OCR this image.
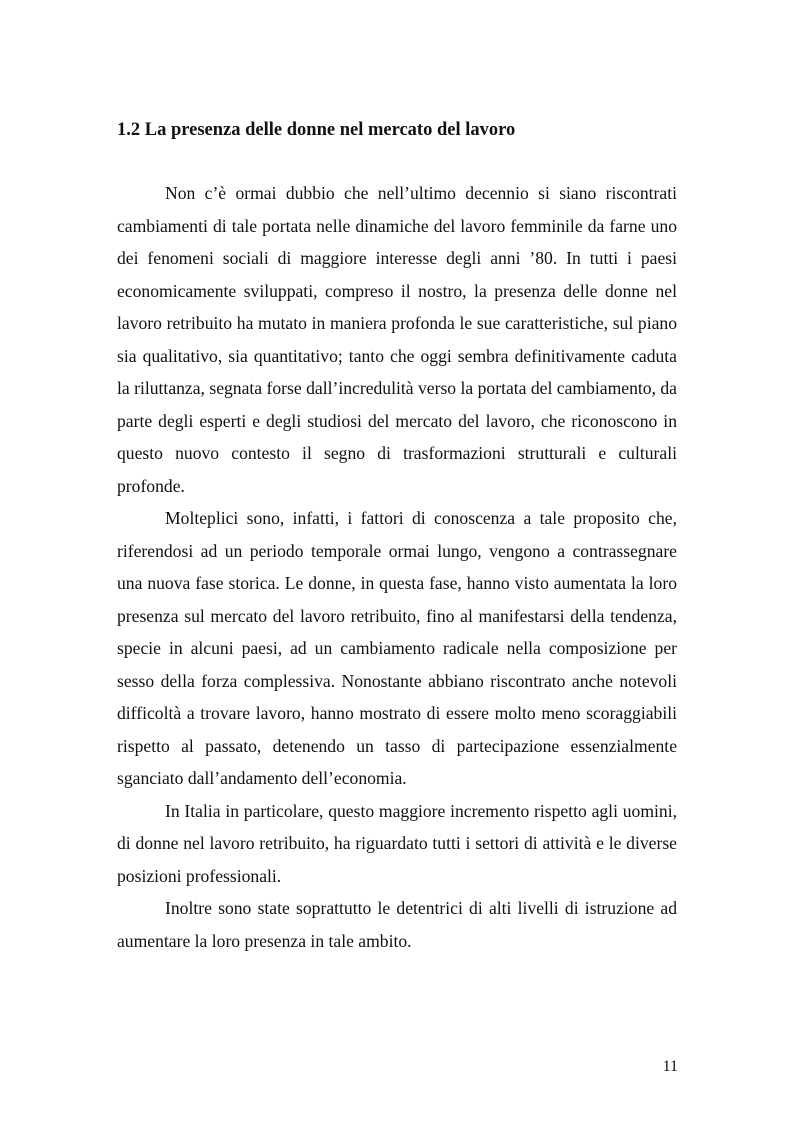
1.2 La presenza delle donne nel mercato del lavoro

Non c’è ormai dubbio che nell’ultimo decennio si siano riscontrati cambiamenti di tale portata nelle dinamiche del lavoro femminile da farne uno dei fenomeni sociali di maggiore interesse degli anni ’80. In tutti i paesi economicamente sviluppati, compreso il nostro, la presenza delle donne nel lavoro retribuito ha mutato in maniera profonda le sue caratteristiche, sul piano sia qualitativo, sia quantitativo; tanto che oggi sembra definitivamente caduta la riluttanza, segnata forse dall’incredulità verso la portata del cambiamento, da parte degli esperti e degli studiosi del mercato del lavoro, che riconoscono in questo nuovo contesto il segno di trasformazioni strutturali e culturali profonde.

Molteplici sono, infatti, i fattori di conoscenza a tale proposito che, riferendosi ad un periodo temporale ormai lungo, vengono a contrassegnare una nuova fase storica. Le donne, in questa fase, hanno visto aumentata la loro presenza sul mercato del lavoro retribuito, fino al manifestarsi della tendenza, specie in alcuni paesi, ad un cambiamento radicale nella composizione per sesso della forza complessiva. Nonostante abbiano riscontrato anche notevoli difficoltà a trovare lavoro, hanno mostrato di essere molto meno scoraggiabili rispetto al passato, detenendo un tasso di partecipazione essenzialmente sganciato dall’andamento dell’economia.

In Italia in particolare, questo maggiore incremento rispetto agli uomini, di donne nel lavoro retribuito, ha riguardato tutti i settori di attività e le diverse posizioni professionali.

Inoltre sono state soprattutto le detentrici di alti livelli di istruzione ad aumentare la loro presenza in tale ambito.

11
